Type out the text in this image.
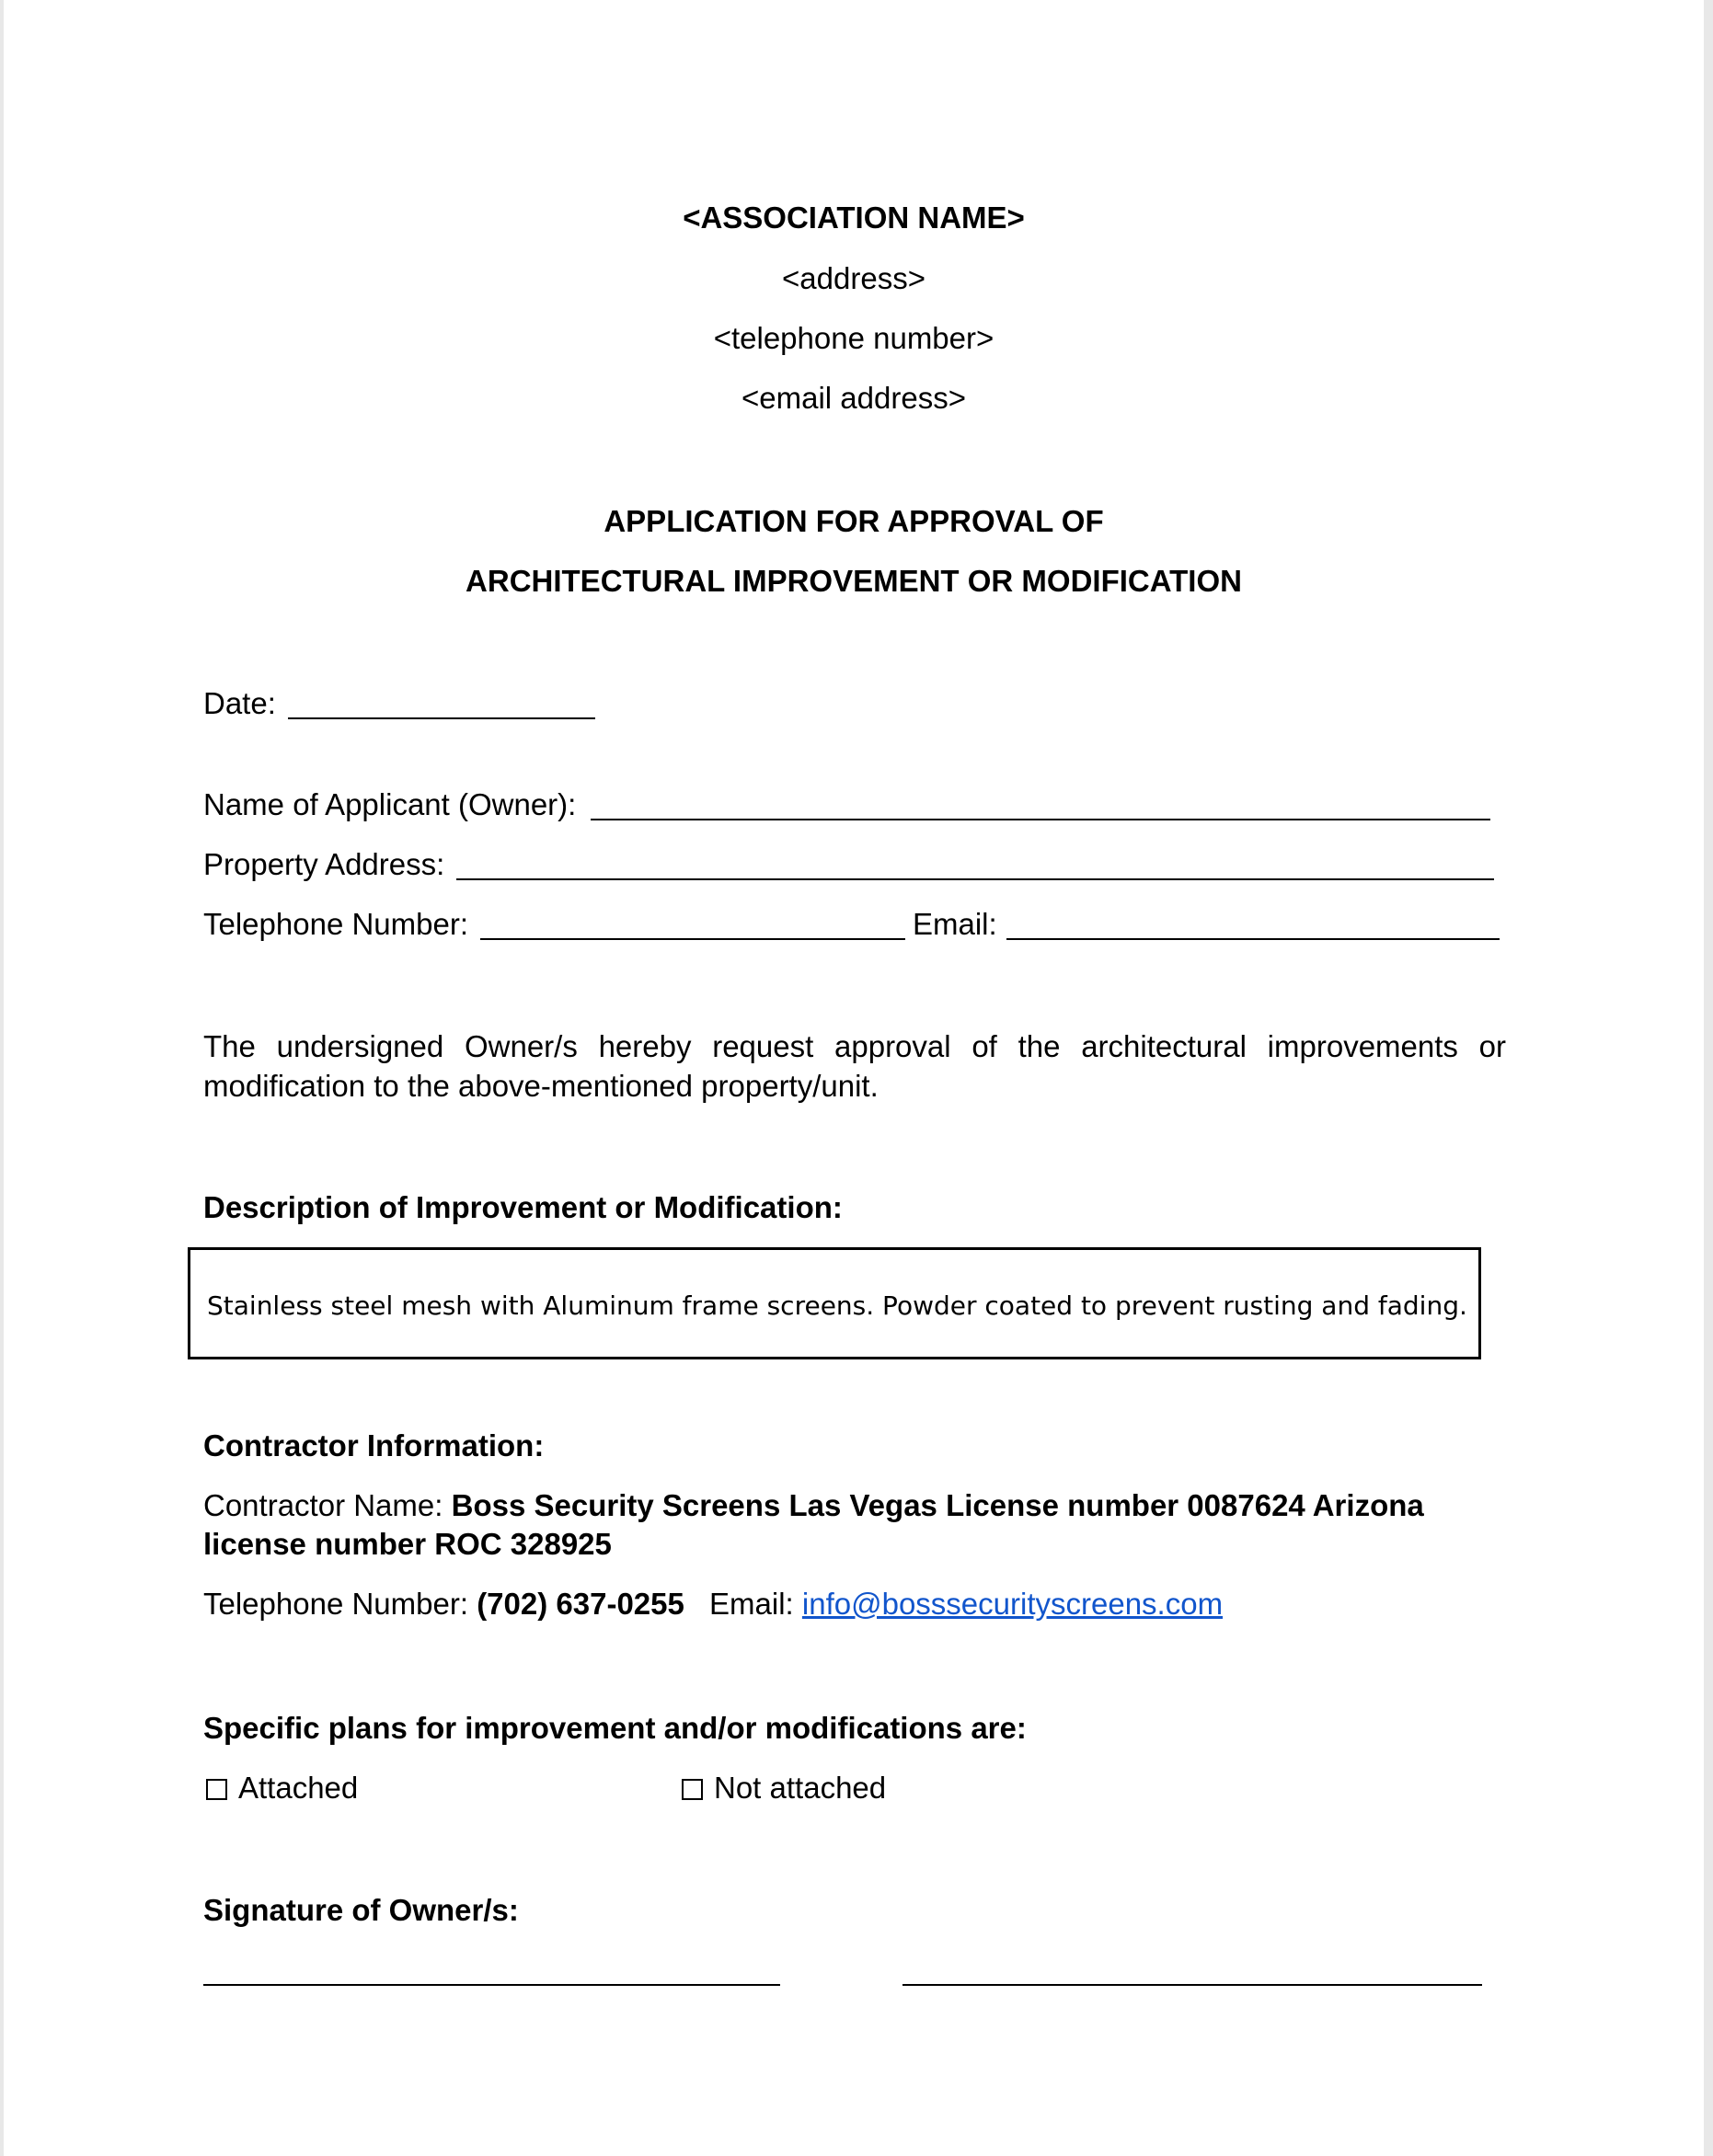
<ASSOCIATION NAME>
<address>
<telephone number>
<email address>
APPLICATION FOR APPROVAL OF
ARCHITECTURAL IMPROVEMENT OR MODIFICATION
Date:
Name of Applicant (Owner):
Property Address:
Telephone Number:	Email:
The undersigned Owner/s hereby request approval of the architectural improvements or modification to the above-mentioned property/unit.
Description of Improvement or Modification:
Stainless steel mesh with Aluminum frame screens. Powder coated to prevent rusting and fading.
Contractor Information:
Contractor Name: Boss Security Screens Las Vegas License number 0087624 Arizona
license number ROC 328925
Telephone Number: (702) 637-0255 Email: info@bosssecurityscreens.com
Specific plans for improvement and/or modifications are:
Attached	Not attached
Signature of Owner/s:
